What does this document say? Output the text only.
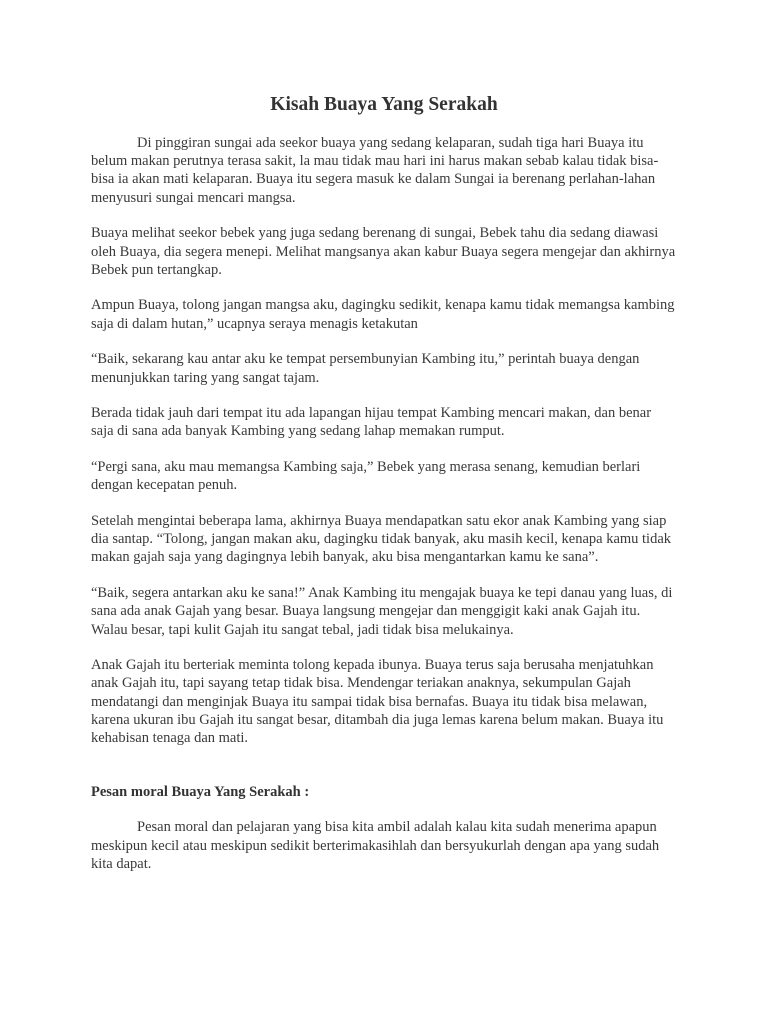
Kisah Buaya Yang Serakah

Di pinggiran sungai ada seekor buaya yang sedang kelaparan, sudah tiga hari Buaya itu belum makan perutnya terasa sakit, la mau tidak mau hari ini harus makan sebab kalau tidak bisa-bisa ia akan mati kelaparan. Buaya itu segera masuk ke dalam Sungai ia berenang perlahan-lahan menyusuri sungai mencari mangsa.

Buaya melihat seekor bebek yang juga sedang berenang di sungai, Bebek tahu dia sedang diawasi oleh Buaya, dia segera menepi. Melihat mangsanya akan kabur Buaya segera mengejar dan akhirnya Bebek pun tertangkap.

Ampun Buaya, tolong jangan mangsa aku, dagingku sedikit, kenapa kamu tidak memangsa kambing saja di dalam hutan,” ucapnya seraya menagis ketakutan

“Baik, sekarang kau antar aku ke tempat persembunyian Kambing itu,” perintah buaya dengan menunjukkan taring yang sangat tajam.

Berada tidak jauh dari tempat itu ada lapangan hijau tempat Kambing mencari makan, dan benar saja di sana ada banyak Kambing yang sedang lahap memakan rumput.

“Pergi sana, aku mau memangsa Kambing saja,” Bebek yang merasa senang, kemudian berlari dengan kecepatan penuh.

Setelah mengintai beberapa lama, akhirnya Buaya mendapatkan satu ekor anak Kambing yang siap dia santap. “Tolong, jangan makan aku, dagingku tidak banyak, aku masih kecil, kenapa kamu tidak makan gajah saja yang dagingnya lebih banyak, aku bisa mengantarkan kamu ke sana”.

“Baik, segera antarkan aku ke sana!” Anak Kambing itu mengajak buaya ke tepi danau yang luas, di sana ada anak Gajah yang besar. Buaya langsung mengejar dan menggigit kaki anak Gajah itu. Walau besar, tapi kulit Gajah itu sangat tebal, jadi tidak bisa melukainya.

Anak Gajah itu berteriak meminta tolong kepada ibunya. Buaya terus saja berusaha menjatuhkan anak Gajah itu, tapi sayang tetap tidak bisa. Mendengar teriakan anaknya, sekumpulan Gajah mendatangi dan menginjak Buaya itu sampai tidak bisa bernafas. Buaya itu tidak bisa melawan, karena ukuran ibu Gajah itu sangat besar, ditambah dia juga lemas karena belum makan. Buaya itu kehabisan tenaga dan mati.

Pesan moral Buaya Yang Serakah :

Pesan moral dan pelajaran yang bisa kita ambil adalah kalau kita sudah menerima apapun meskipun kecil atau meskipun sedikit berterimakasihlah dan bersyukurlah dengan apa yang sudah kita dapat.
